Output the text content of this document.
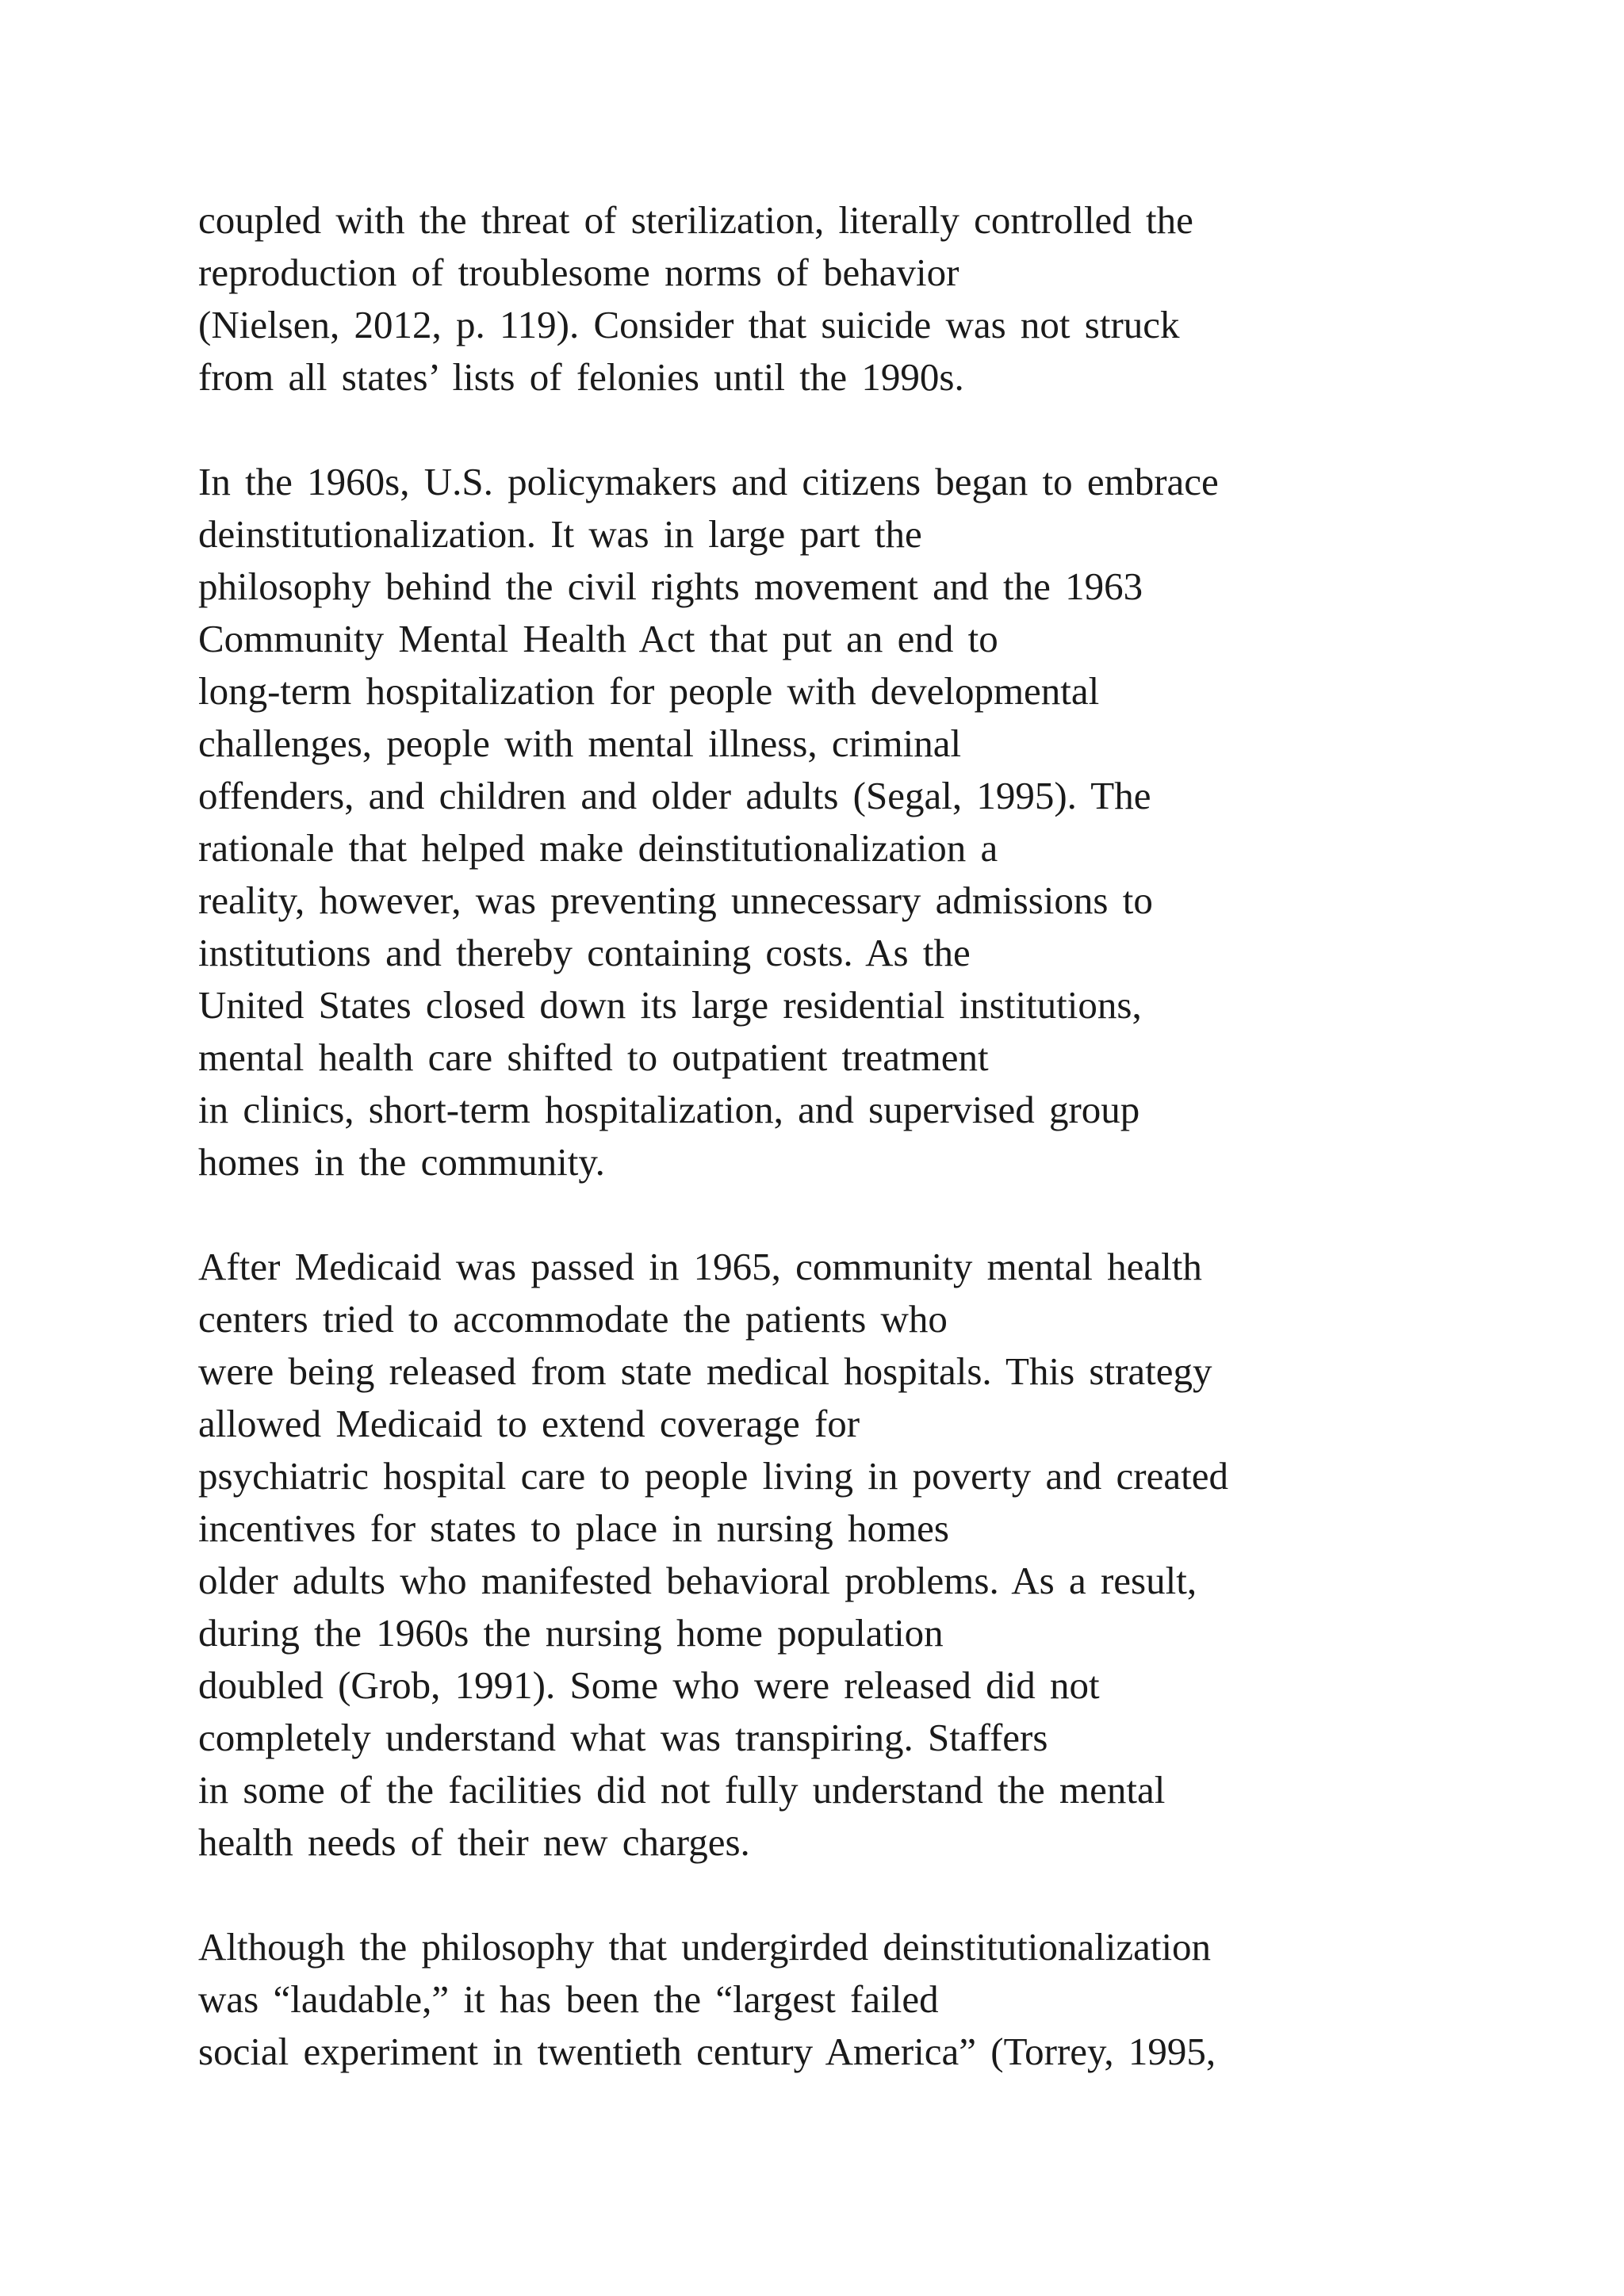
coupled with the threat of sterilization, literally controlled the
reproduction of troublesome norms of behavior
(Nielsen, 2012, p. 119). Consider that suicide was not struck
from all states’ lists of felonies until the 1990s.
In the 1960s, U.S. policymakers and citizens began to embrace
deinstitutionalization. It was in large part the
philosophy behind the civil rights movement and the 1963
Community Mental Health Act that put an end to
long-term hospitalization for people with developmental
challenges, people with mental illness, criminal
offenders, and children and older adults (Segal, 1995). The
rationale that helped make deinstitutionalization a
reality, however, was preventing unnecessary admissions to
institutions and thereby containing costs. As the
United States closed down its large residential institutions,
mental health care shifted to outpatient treatment
in clinics, short-term hospitalization, and supervised group
homes in the community.
After Medicaid was passed in 1965, community mental health
centers tried to accommodate the patients who
were being released from state medical hospitals. This strategy
allowed Medicaid to extend coverage for
psychiatric hospital care to people living in poverty and created
incentives for states to place in nursing homes
older adults who manifested behavioral problems. As a result,
during the 1960s the nursing home population
doubled (Grob, 1991). Some who were released did not
completely understand what was transpiring. Staffers
in some of the facilities did not fully understand the mental
health needs of their new charges.
Although the philosophy that undergirded deinstitutionalization
was “laudable,” it has been the “largest failed
social experiment in twentieth century America” (Torrey, 1995,
